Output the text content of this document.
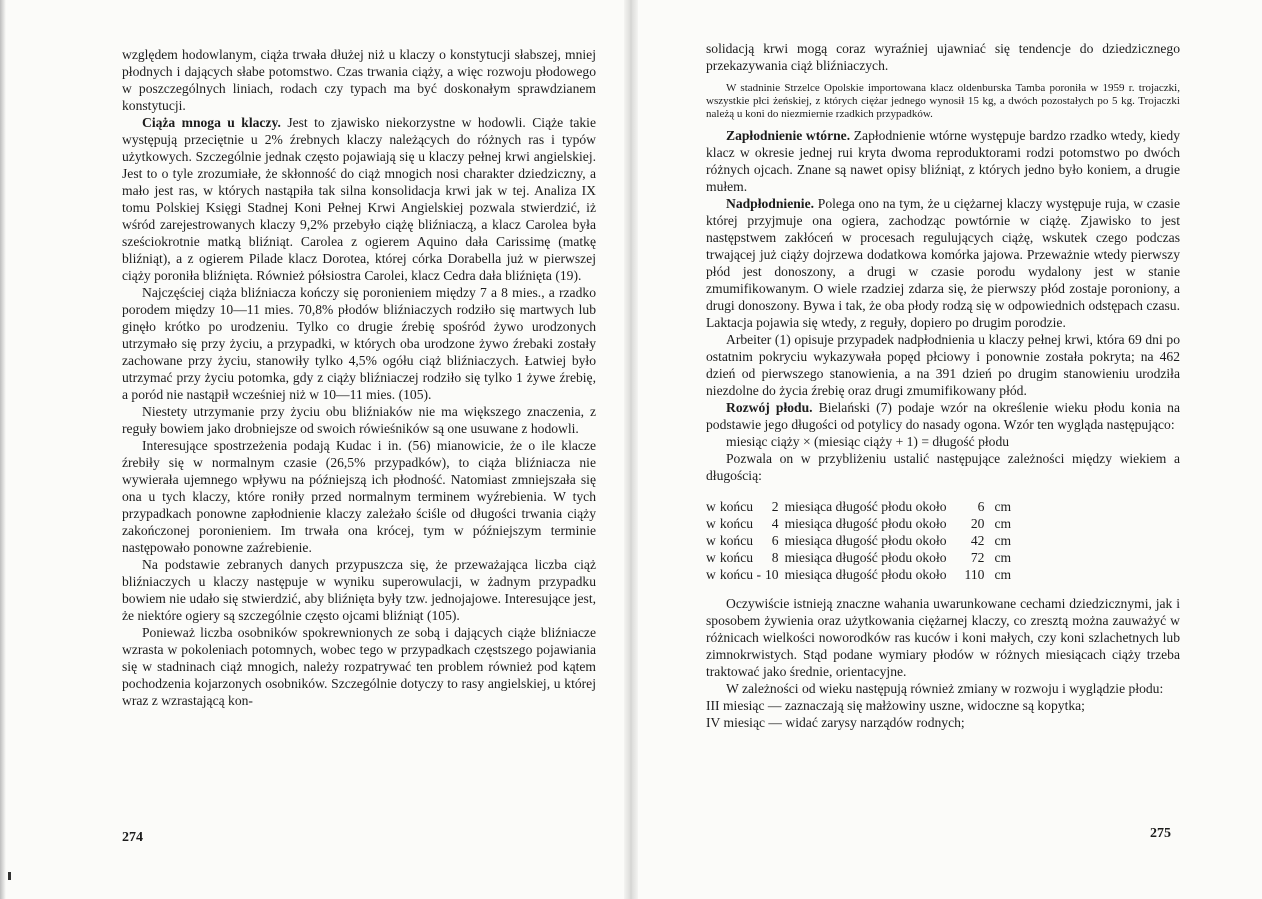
względem hodowlanym, ciąża trwała dłużej niż u klaczy o konstytucji słabszej, mniej płodnych i dających słabe potomstwo. Czas trwania ciąży, a więc rozwoju płodowego w poszczególnych liniach, rodach czy typach ma być doskonałym sprawdzianem konstytucji.

Ciąża mnoga u klaczy. Jest to zjawisko niekorzystne w hodowli. Ciąże takie występują przeciętnie u 2% źrebnych klaczy należących do różnych ras i typów użytkowych. Szczególnie jednak często pojawiają się u klaczy pełnej krwi angielskiej. Jest to o tyle zrozumiałe, że skłonność do ciąż mnogich nosi charakter dziedziczny, a mało jest ras, w których nastąpiła tak silna konsolidacja krwi jak w tej. Analiza IX tomu Polskiej Księgi Stadnej Koni Pełnej Krwi Angielskiej pozwala stwierdzić, iż wśród zarejestrowanych klaczy 9,2% przebyło ciążę bliźniaczą, a klacz Carolea była sześciokrotnie matką bliźniąt. Carolea z ogierem Aquino dała Carissimę (matkę bliźniąt), a z ogierem Pilade klacz Dorotea, której córka Dorabella już w pierwszej ciąży poroniła bliźnięta. Również półsiostra Carolei, klacz Cedra dała bliźnięta (19).

Najczęściej ciąża bliźniacza kończy się poronieniem między 7 a 8 mies., a rzadko porodem między 10—11 mies. 70,8% płodów bliźniaczych rodziło się martwych lub ginęło krótko po urodzeniu. Tylko co drugie źrebię spośród żywo urodzonych utrzymało się przy życiu, a przypadki, w których oba urodzone żywo źrebaki zostały zachowane przy życiu, stanowiły tylko 4,5% ogółu ciąż bliźniaczych. Łatwiej było utrzymać przy życiu potomka, gdy z ciąży bliźniaczej rodziło się tylko 1 żywe źrebię, a poród nie nastąpił wcześniej niż w 10—11 mies. (105).

Niestety utrzymanie przy życiu obu bliźniaków nie ma większego znaczenia, z reguły bowiem jako drobniejsze od swoich rówieśników są one usuwane z hodowli.

Interesujące spostrzeżenia podają Kudac i in. (56) mianowicie, że o ile klacze źrebiły się w normalnym czasie (26,5% przypadków), to ciąża bliźniacza nie wywierała ujemnego wpływu na późniejszą ich płodność. Natomiast zmniejszała się ona u tych klaczy, które roniły przed normalnym terminem wyźrebienia. W tych przypadkach ponowne zapłodnienie klaczy zależało ściśle od długości trwania ciąży zakończonej poronieniem. Im trwała ona krócej, tym w późniejszym terminie następowało ponowne zaźrebienie.

Na podstawie zebranych danych przypuszcza się, że przeważająca liczba ciąż bliźniaczych u klaczy następuje w wyniku superowulacji, w żadnym przypadku bowiem nie udało się stwierdzić, aby bliźnięta były tzw. jednojajowe. Interesujące jest, że niektóre ogiery są szczególnie często ojcami bliźniąt (105).

Ponieważ liczba osobników spokrewnionych ze sobą i dających ciąże bliźniacze wzrasta w pokoleniach potomnych, wobec tego w przypadkach częstszego pojawiania się w stadninach ciąż mnogich, należy rozpatrywać ten problem również pod kątem pochodzenia kojarzonych osobników. Szczególnie dotyczy to rasy angielskiej, u której wraz z wzrastającą kon-

274

solidacją krwi mogą coraz wyraźniej ujawniać się tendencje do dziedzicznego przekazywania ciąż bliźniaczych.

W stadninie Strzelce Opolskie importowana klacz oldenburska Tamba poroniła w 1959 r. trojaczki, wszystkie płci żeńskiej, z których ciężar jednego wynosił 15 kg, a dwóch pozostałych po 5 kg. Trojaczki należą u koni do niezmiernie rzadkich przypadków.

Zapłodnienie wtórne. Zapłodnienie wtórne występuje bardzo rzadko wtedy, kiedy klacz w okresie jednej rui kryta dwoma reproduktorami rodzi potomstwo po dwóch różnych ojcach. Znane są nawet opisy bliźniąt, z których jedno było koniem, a drugie mułem.

Nadpłodnienie. Polega ono na tym, że u ciężarnej klaczy występuje ruja, w czasie której przyjmuje ona ogiera, zachodząc powtórnie w ciążę. Zjawisko to jest następstwem zakłóceń w procesach regulujących ciążę, wskutek czego podczas trwającej już ciąży dojrzewa dodatkowa komórka jajowa. Przeważnie wtedy pierwszy płód jest donoszony, a drugi w czasie porodu wydalony jest w stanie zmumifikowanym. O wiele rzadziej zdarza się, że pierwszy płód zostaje poroniony, a drugi donoszony. Bywa i tak, że oba płody rodzą się w odpowiednich odstępach czasu. Laktacja pojawia się wtedy, z reguły, dopiero po drugim porodzie.

Arbeiter (1) opisuje przypadek nadpłodnienia u klaczy pełnej krwi, która 69 dni po ostatnim pokryciu wykazywała popęd płciowy i ponownie została pokryta; na 462 dzień od pierwszego stanowienia, a na 391 dzień po drugim stanowieniu urodziła niezdolne do życia źrebię oraz drugi zmumifikowany płód.

Rozwój płodu. Bielański (7) podaje wzór na określenie wieku płodu konia na podstawie jego długości od potylicy do nasady ogona. Wzór ten wygląda następująco:

miesiąc ciąży × (miesiąc ciąży + 1) = długość płodu

Pozwala on w przybliżeniu ustalić następujące zależności między wiekiem a długością:

w	końcu	2	miesiąca długość płodu około	6	cm
w	końcu	4	miesiąca długość płodu około	20	cm
w	końcu	6	miesiąca długość płodu około	42	cm
w	końcu	8	miesiąca długość płodu około	72	cm
w	końcu -	10	miesiąca długość płodu około	110	cm

Oczywiście istnieją znaczne wahania uwarunkowane cechami dziedzicznymi, jak i sposobem żywienia oraz użytkowania ciężarnej klaczy, co zresztą można zauważyć w różnicach wielkości noworodków ras kuców i koni małych, czy koni szlachetnych lub zimnokrwistych. Stąd podane wymiary płodów w różnych miesiącach ciąży trzeba traktować jako średnie, orientacyjne.

W zależności od wieku następują również zmiany w rozwoju i wyglądzie płodu:

III miesiąc — zaznaczają się małżowiny uszne, widoczne są kopytka;

IV miesiąc — widać zarysy narządów rodnych;

275
